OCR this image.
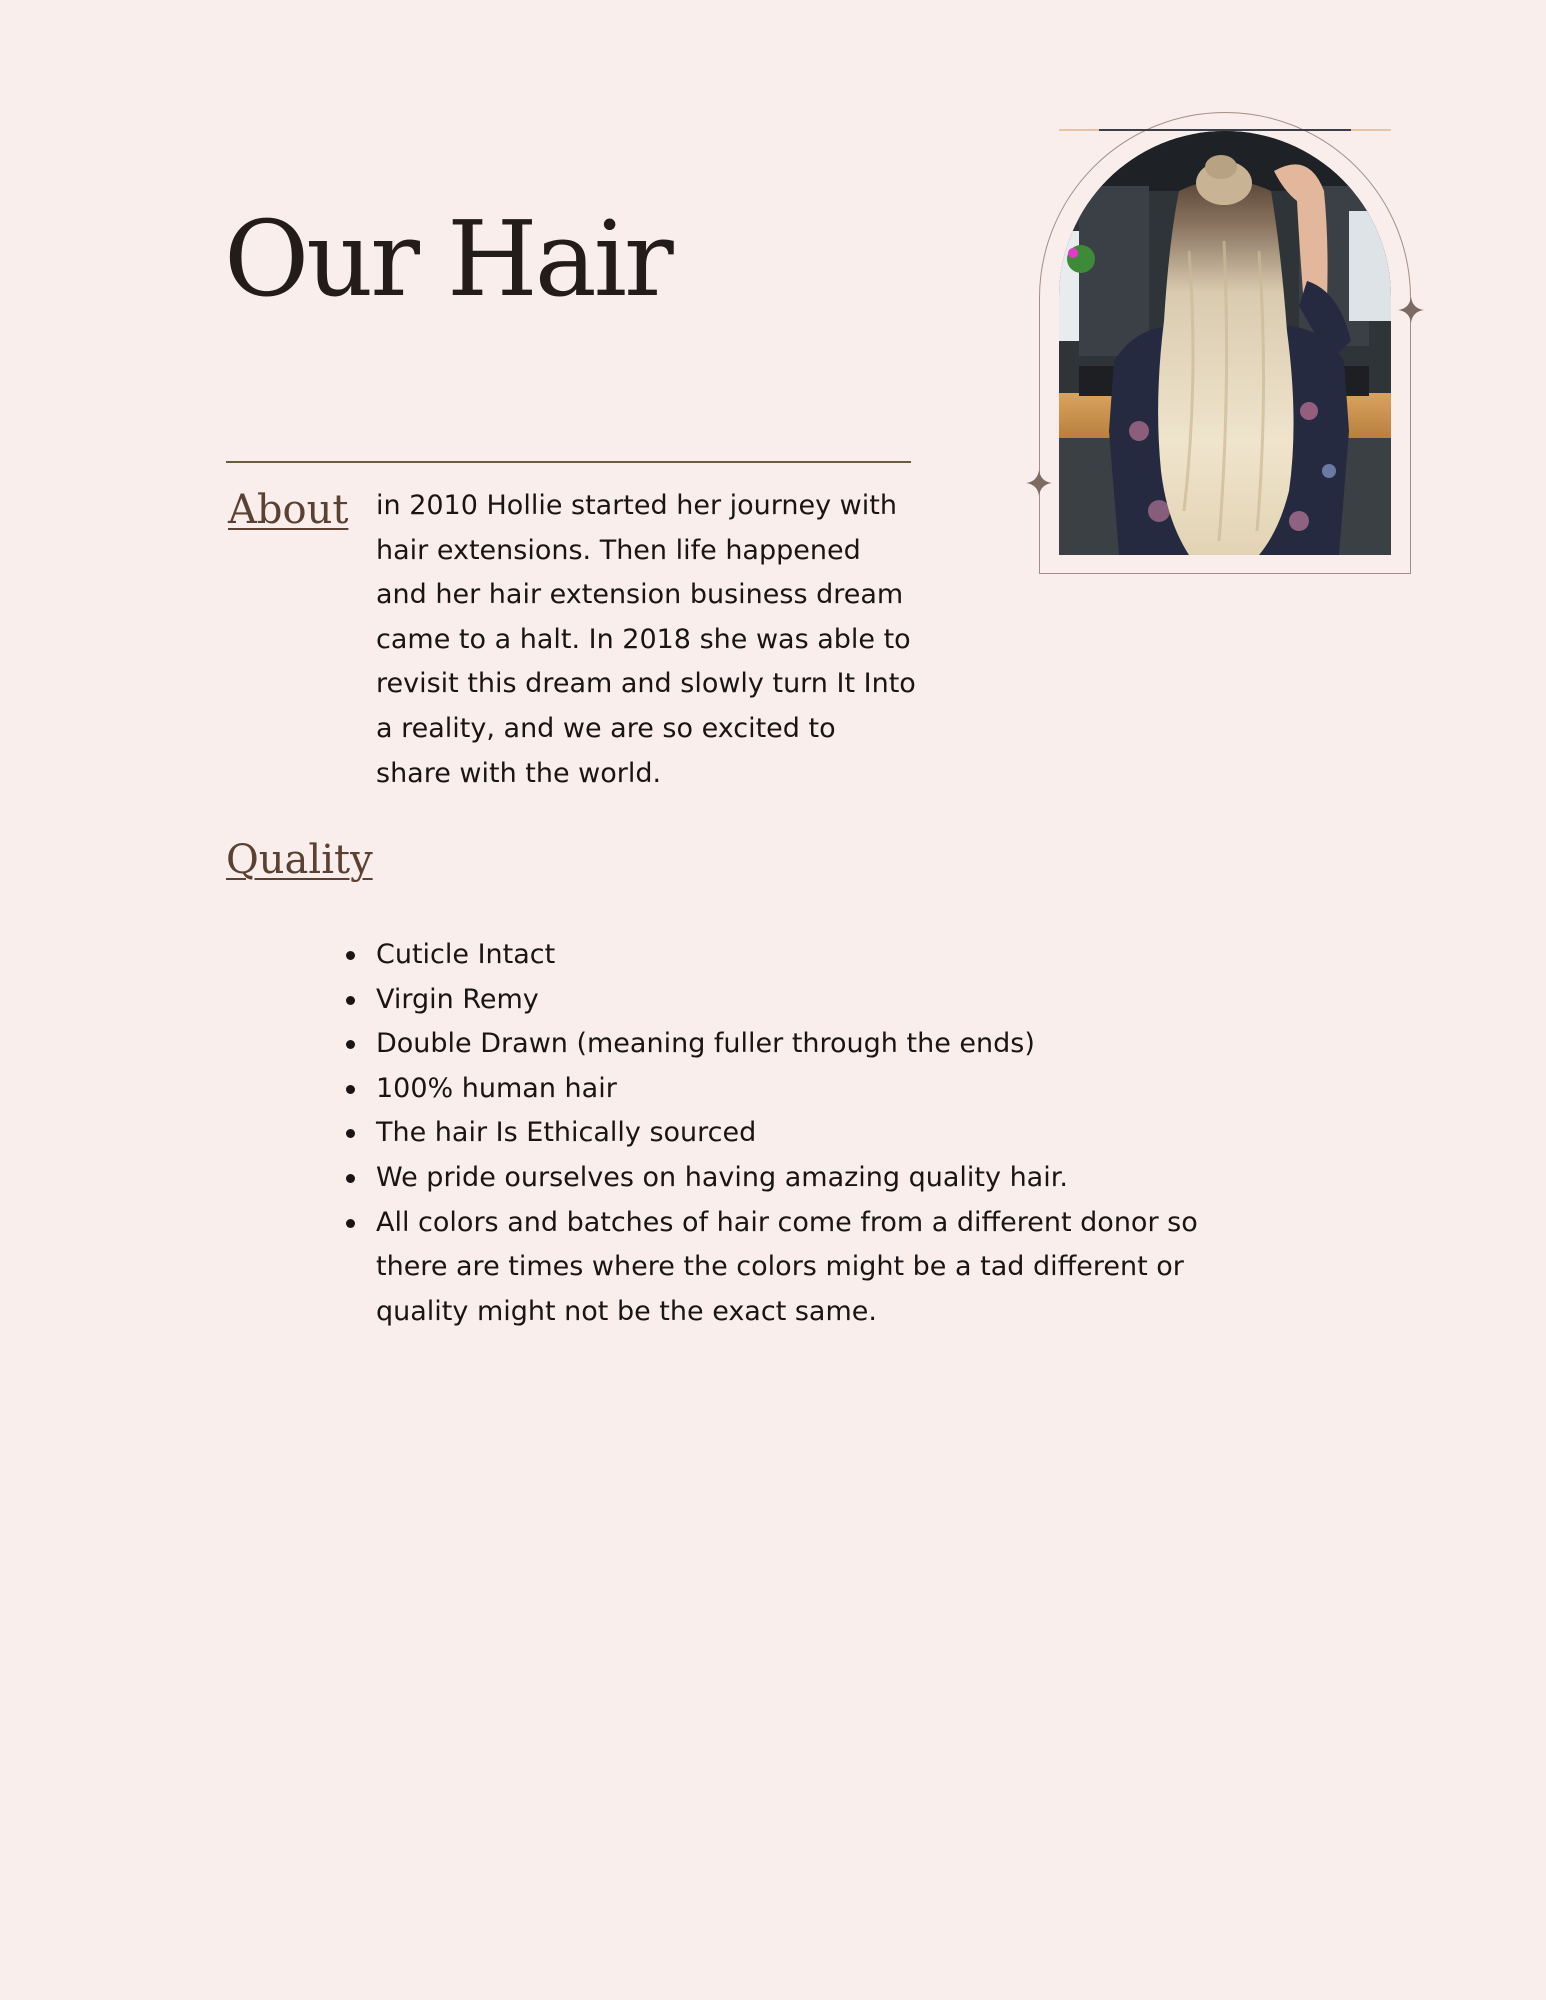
Our Hair
About in 2010 Hollie started her journey with hair extensions. Then life happened and her hair extension business dream came to a halt. In 2018 she was able to revisit this dream and slowly turn It Into a reality, and we are so excited to share with the world.

Quality
Cuticle Intact
Virgin Remy
Double Drawn (meaning fuller through the ends)
100% human hair
The hair Is Ethically sourced
We pride ourselves on having amazing quality hair.
All colors and batches of hair come from a different donor so there are times where the colors might be a tad different or quality might not be the exact same.
